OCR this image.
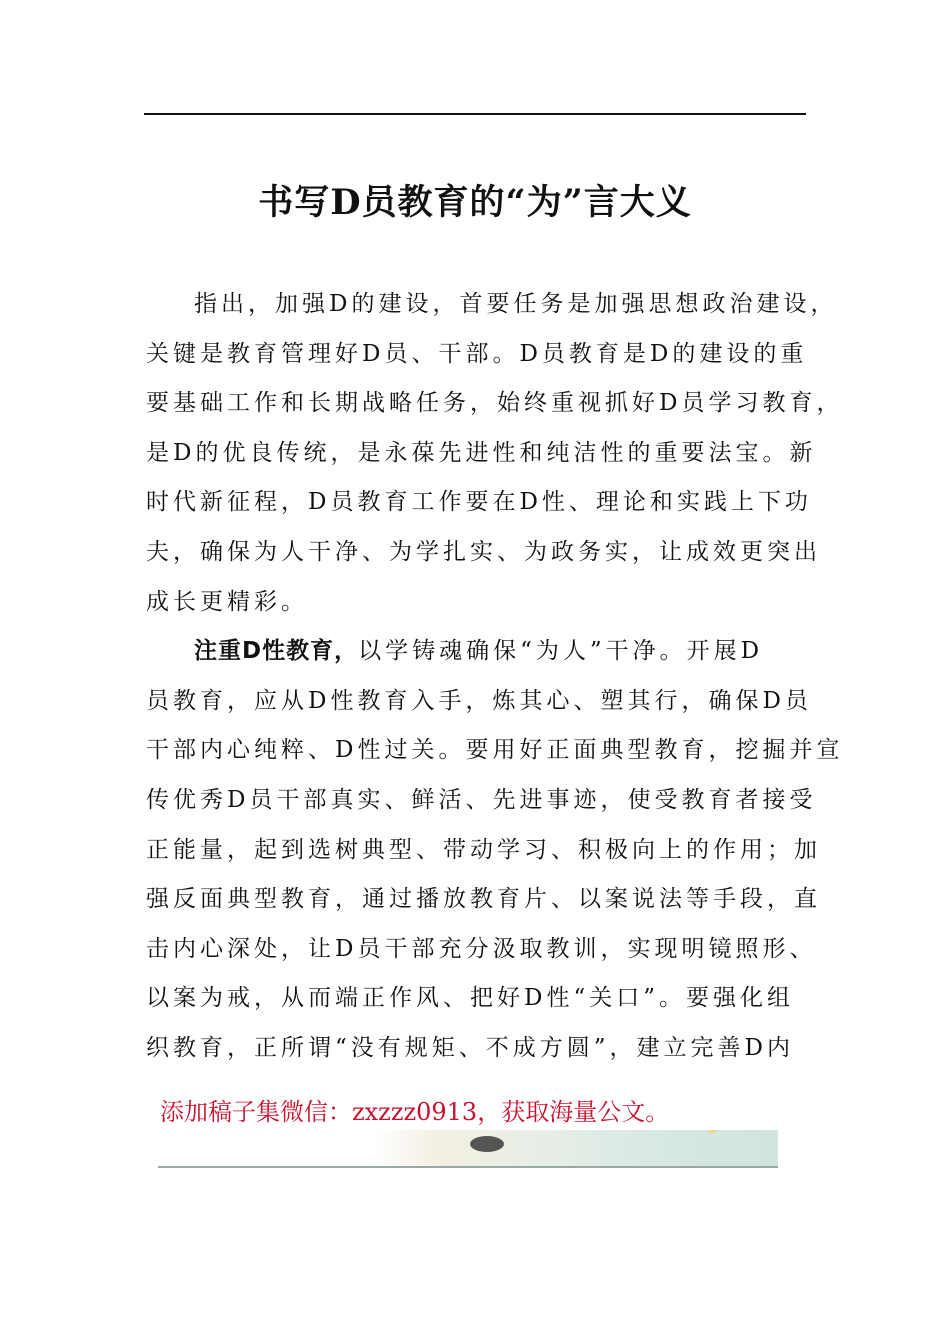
书写D员教育的“为”言大义
指出，加强D的建设，首要任务是加强思想政治建设，
关键是教育管理好D员、干部。D员教育是D的建设的重
要基础工作和长期战略任务，始终重视抓好D员学习教育，
是D的优良传统，是永葆先进性和纯洁性的重要法宝。新
时代新征程，D员教育工作要在D性、理论和实践上下功
夫，确保为人干净、为学扎实、为政务实，让成效更突出
成长更精彩。
注重D性教育，以学铸魂确保“为人”干净。开展D
员教育，应从D性教育入手，炼其心、塑其行，确保D员
干部内心纯粹、D性过关。要用好正面典型教育，挖掘并宣
传优秀D员干部真实、鲜活、先进事迹，使受教育者接受
正能量，起到选树典型、带动学习、积极向上的作用；加
强反面典型教育，通过播放教育片、以案说法等手段，直
击内心深处，让D员干部充分汲取教训，实现明镜照形、
以案为戒，从而端正作风、把好D性“关口”。要强化组
织教育，正所谓“没有规矩、不成方圆”，建立完善D内
添加稿子集微信：zxzzz0913，获取海量公文。
